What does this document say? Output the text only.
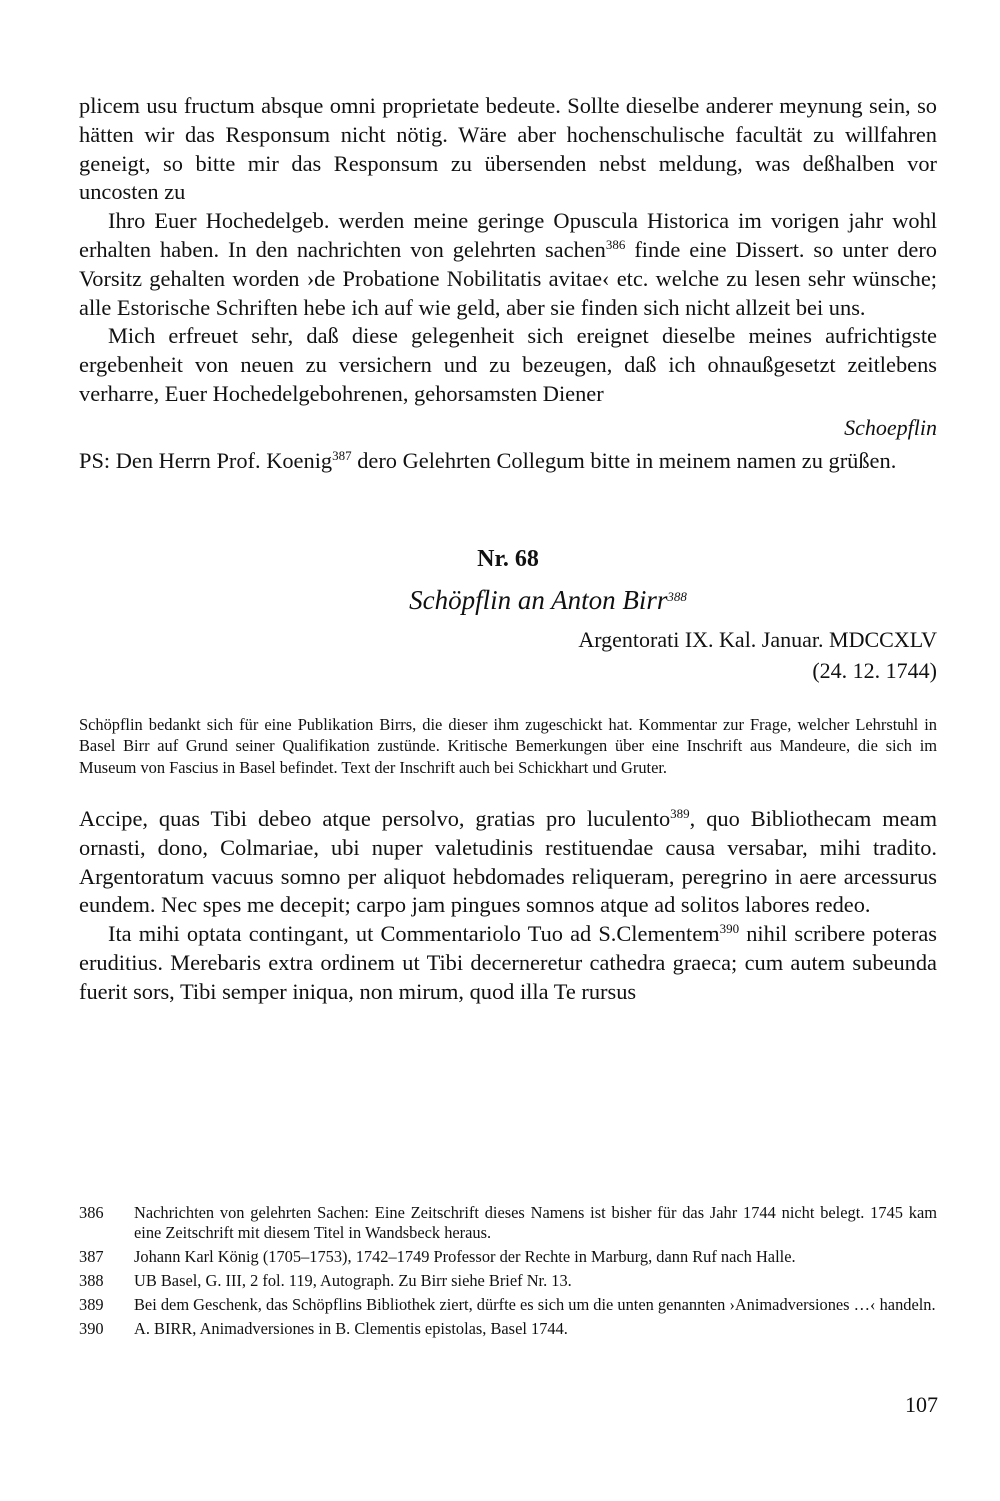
plicem usu fructum absque omni proprietate bedeute. Sollte dieselbe anderer meynung sein, so hätten wir das Responsum nicht nötig. Wäre aber hochenschulische facultät zu willfahren geneigt, so bitte mir das Responsum zu übersenden nebst meldung, was deßhalben vor uncosten zu

Ihro Euer Hochedelgeb. werden meine geringe Opuscula Historica im vorigen jahr wohl erhalten haben. In den nachrichten von gelehrten sachen$^{386}$ finde eine Dissert. so unter dero Vorsitz gehalten worden ›de Probatione Nobilitatis avitae‹ etc. welche zu lesen sehr wünsche; alle Estorische Schriften hebe ich auf wie geld, aber sie finden sich nicht allzeit bei uns.

Mich erfreuet sehr, daß diese gelegenheit sich ereignet dieselbe meines aufrichtigste ergebenheit von neuen zu versichern und zu bezeugen, daß ich ohnaußgesetzt zeitlebens verharre, Euer Hochedelgebohrenen, gehorsamsten Diener

Schoepflin

PS: Den Herrn Prof. Koenig$^{387}$ dero Gelehrten Collegum bitte in meinem namen zu grüßen.

Nr. 68

Schöpflin an Anton Birr$^{388}$

Argentorati IX. Kal. Januar. MDCCXLV

(24. 12. 1744)

Schöpflin bedankt sich für eine Publikation Birrs, die dieser ihm zugeschickt hat. Kommentar zur Frage, welcher Lehrstuhl in Basel Birr auf Grund seiner Qualifikation zustünde. Kritische Bemerkungen über eine Inschrift aus Mandeure, die sich im Museum von Fascius in Basel befindet. Text der Inschrift auch bei Schickhart und Gruter.

Accipe, quas Tibi debeo atque persolvo, gratias pro luculento$^{389}$, quo Bibliothecam meam ornasti, dono, Colmariae, ubi nuper valetudinis restituendae causa versabar, mihi tradito. Argentoratum vacuus somno per aliquot hebdomades reliqueram, peregrino in aere arcessurus eundem. Nec spes me decepit; carpo jam pingues somnos atque ad solitos labores redeo.

Ita mihi optata contingant, ut Commentariolo Tuo ad S.Clementem$^{390}$ nihil scribere poteras eruditius. Merebaris extra ordinem ut Tibi decerneretur cathedra graeca; cum autem subeunda fuerit sors, Tibi semper iniqua, non mirum, quod illa Te rursus

386	Nachrichten von gelehrten Sachen: Eine Zeitschrift dieses Namens ist bisher für das Jahr 1744 nicht belegt. 1745 kam eine Zeitschrift mit diesem Titel in Wandsbeck heraus.
387	Johann Karl König (1705–1753), 1742–1749 Professor der Rechte in Marburg, dann Ruf nach Halle.
388	UB Basel, G. III, 2 fol. 119, Autograph. Zu Birr siehe Brief Nr. 13.
389	Bei dem Geschenk, das Schöpflins Bibliothek ziert, dürfte es sich um die unten genannten ›Animadversiones …‹ handeln.
390	A. BIRR, Animadversiones in B. Clementis epistolas, Basel 1744.
107
